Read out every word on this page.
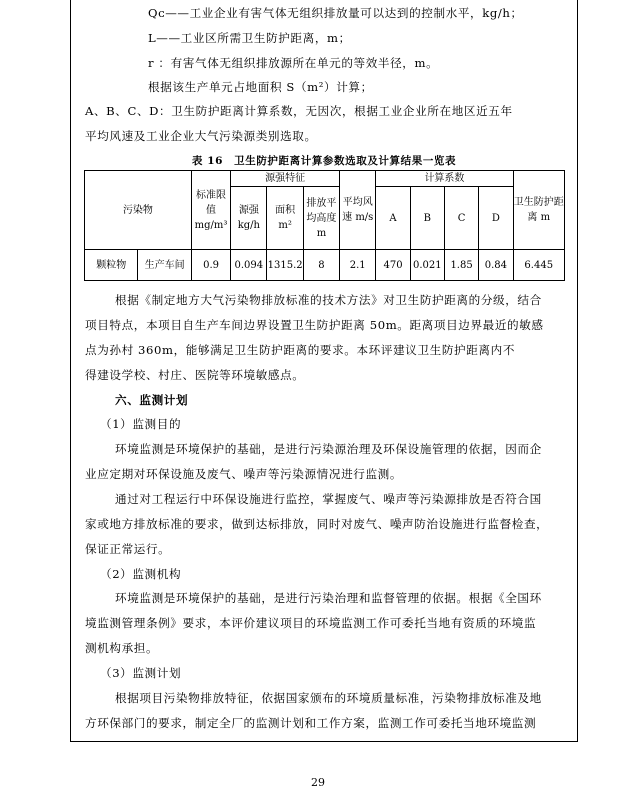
Qᴄ——工业企业有害气体无组织排放量可以达到的控制水平，kg/h；
L——工业区所需卫生防护距离，m；
r ：有害气体无组织排放源所在单元的等效半径，m。
根据该生产单元占地面积 S（m²）计算；
A、B、C、D：卫生防护距离计算系数，无因次，根据工业企业所在地区近五年
平均风速及工业企业大气污染源类别选取。
表 16　卫生防护距离计算参数选取及计算结果一览表
污染物		标准限值 mg/m³	源强特征			平均风速 m/s	计算系数				卫生防护距离 m
			源强 kg/h	面积 m²	排放平均高度 m		A	B	C	D	
颗粒物	生产车间	0.9	0.094	1315.2	8	2.1	470	0.021	1.85	0.84	6.445
根据《制定地方大气污染物排放标准的技术方法》对卫生防护距离的分级，结合
项目特点，本项目自生产车间边界设置卫生防护距离 50m。距离项目边界最近的敏感
点为孙村 360m，能够满足卫生防护距离的要求。本环评建议卫生防护距离内不
得建设学校、村庄、医院等环境敏感点。
六、监测计划
（1）监测目的
环境监测是环境保护的基础，是进行污染源治理及环保设施管理的依据，因而企
业应定期对环保设施及废气、噪声等污染源情况进行监测。
通过对工程运行中环保设施进行监控，掌握废气、噪声等污染源排放是否符合国
家或地方排放标准的要求，做到达标排放，同时对废气、噪声防治设施进行监督检查，
保证正常运行。
（2）监测机构
环境监测是环境保护的基础，是进行污染治理和监督管理的依据。根据《全国环
境监测管理条例》要求，本评价建议项目的环境监测工作可委托当地有资质的环境监
测机构承担。
（3）监测计划
根据项目污染物排放特征，依据国家颁布的环境质量标准，污染物排放标准及地
方环保部门的要求，制定全厂的监测计划和工作方案，监测工作可委托当地环境监测
29
